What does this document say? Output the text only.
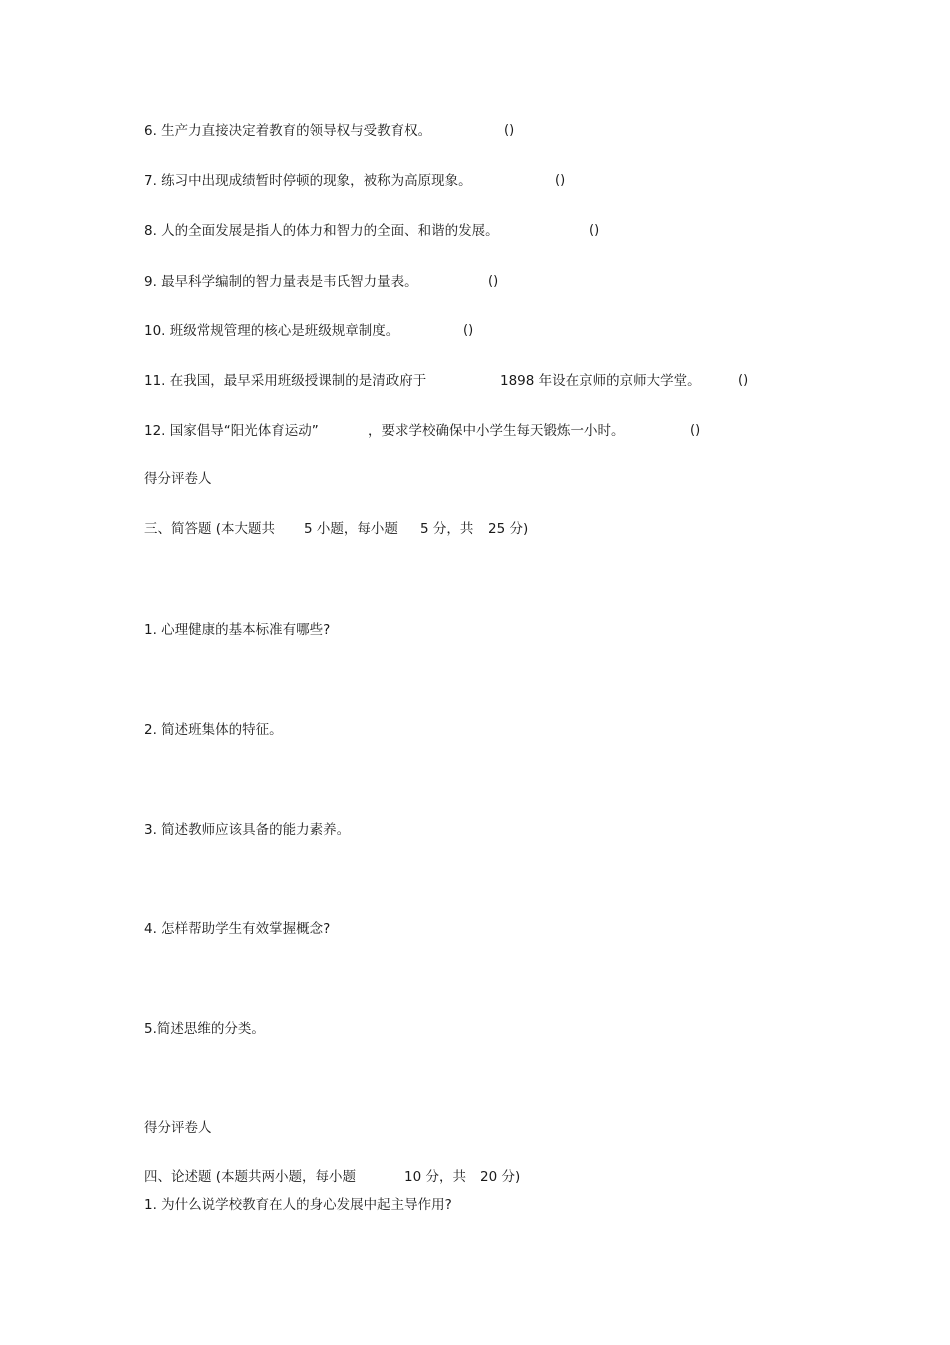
6. 生产力直接决定着教育的领导权与受教育权。	()
7. 练习中出现成绩暂时停顿的现象，被称为高原现象。	()
8. 人的全面发展是指人的体力和智力的全面、和谐的发展。	()
9. 最早科学编制的智力量表是韦氏智力量表。	()
10. 班级常规管理的核心是班级规章制度。	()
11. 在我国，最早采用班级授课制的是清政府于	1898 年设在京师的京师大学堂。	()
12. 国家倡导“阳光体育运动”	，要求学校确保中小学生每天锻炼一小时。	()
得分评卷人
三、简答题 (本大题共 5 小题，每小题 5 分，共 25 分)
1. 心理健康的基本标准有哪些?
2. 简述班集体的特征。
3. 简述教师应该具备的能力素养。
4. 怎样帮助学生有效掌握概念?
5.简述思维的分类。
得分评卷人
四、论述题 (本题共两小题，每小题	10 分，共 20 分)
1. 为什么说学校教育在人的身心发展中起主导作用?
